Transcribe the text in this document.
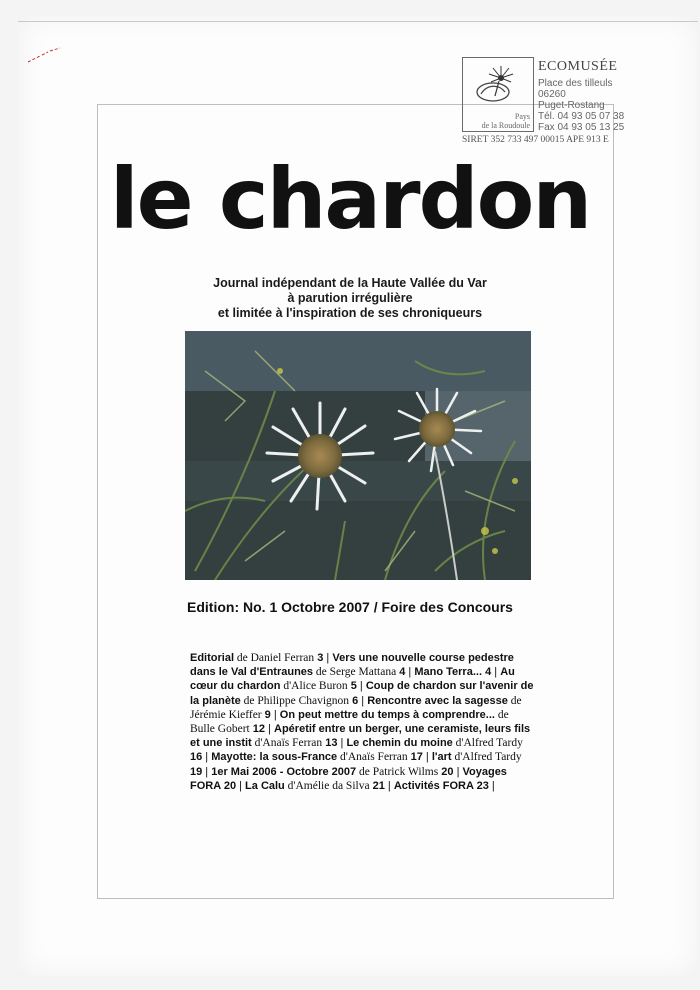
Pays
de la Roudoule
ECOMUSÉE
Place des tilleuls
06260
Puget-Rostang
Tél. 04 93 05 07 38
Fax 04 93 05 13 25
SIRET 352 733 497 00015 APE 913 E
le chardon
Journal indépendant de la Haute Vallée du Var
à parution irrégulière
et limitée à l'inspiration de ses chroniqueurs
Edition: No. 1 Octobre 2007 / Foire des Concours
Editorial de Daniel Ferran 3 | Vers une nouvelle course pedestre dans le Val d'Entraunes de Serge Mattana 4 | Mano Terra... 4 | Au cœur du chardon d'Alice Buron 5 | Coup de chardon sur l'avenir de la planète de Philippe Chavignon 6 | Rencontre avec la sagesse de Jérémie Kieffer 9 | On peut mettre du temps à comprendre... de Bulle Gobert 12 | Apéretif entre un berger, une ceramiste, leurs fils et une instit d'Anaïs Ferran 13 | Le chemin du moine d'Alfred Tardy 16 | Mayotte: la sous-France d'Anaïs Ferran 17 | l'art d'Alfred Tardy 19 | 1er Mai 2006 - Octobre 2007 de Patrick Wilms 20 | Voyages FORA 20 | La Calu d'Amélie da Silva 21 | Activités FORA 23 |
